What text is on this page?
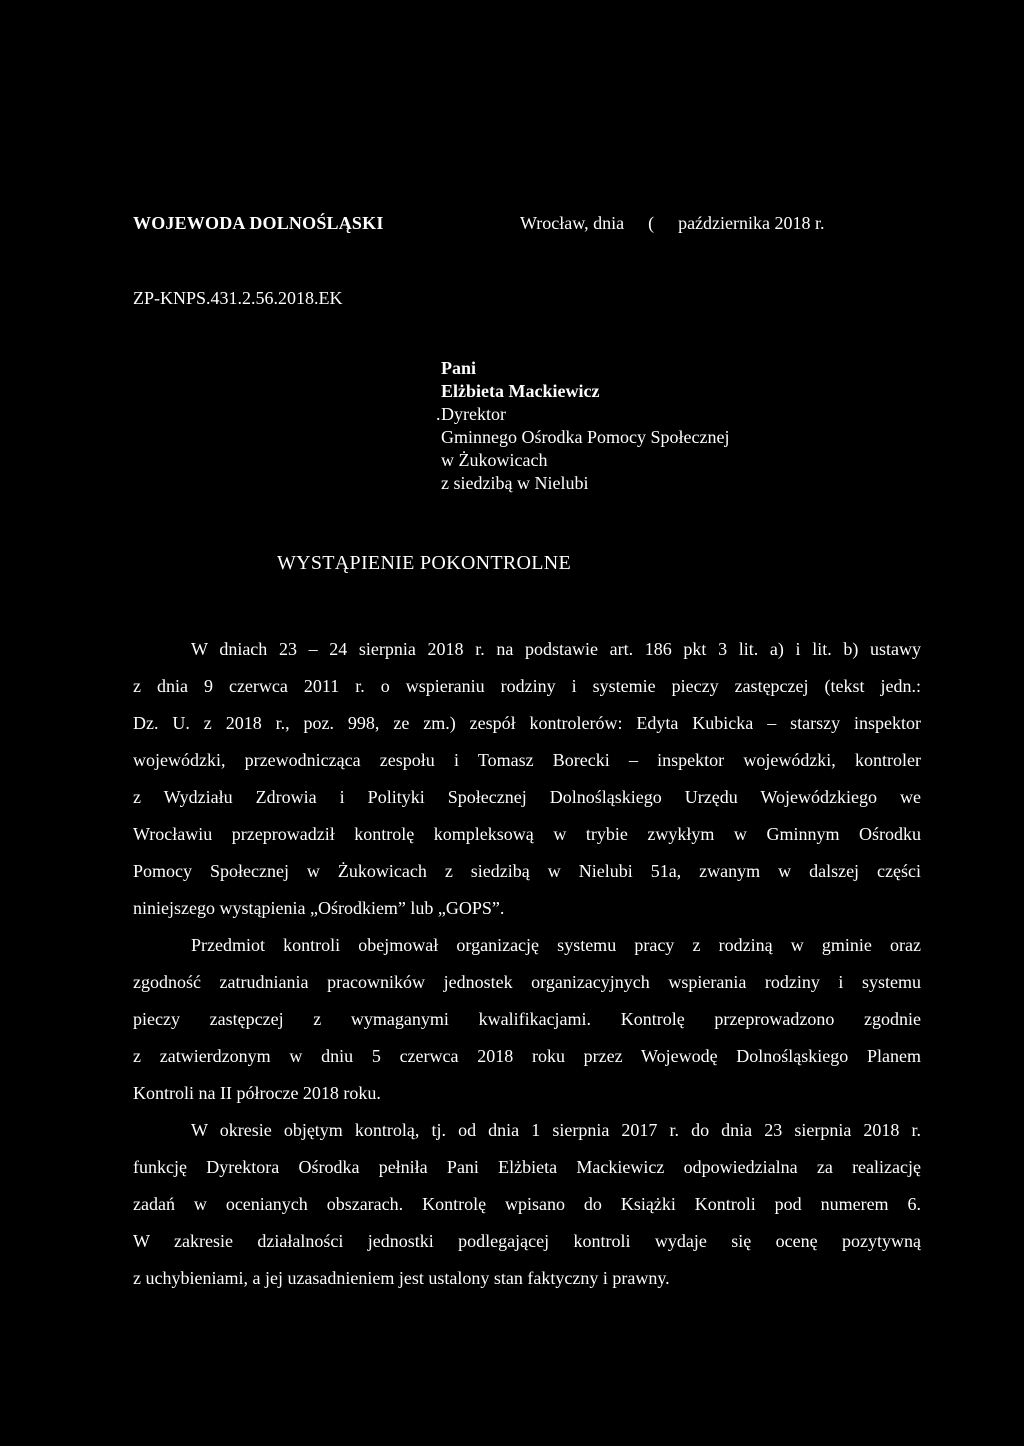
WOJEWODA DOLNOŚLĄSKI	Wrocław, dnia ( października 2018 r.
ZP-KNPS.431.2.56.2018.EK
Pani
Elżbieta Mackiewicz
. Dyrektor
Gminnego Ośrodka Pomocy Społecznej
w Żukowicach
z siedzibą w Nielubi
WYSTĄPIENIE POKONTROLNE
W dniach 23 – 24 sierpnia 2018 r. na podstawie art. 186 pkt 3 lit. a) i lit. b) ustawy
z dnia 9 czerwca 2011 r. o wspieraniu rodziny i systemie pieczy zastępczej (tekst jedn.:
Dz. U. z 2018 r., poz. 998, ze zm.) zespół kontrolerów: Edyta Kubicka – starszy inspektor
wojewódzki, przewodnicząca zespołu i Tomasz Borecki – inspektor wojewódzki, kontroler
z Wydziału Zdrowia i Polityki Społecznej Dolnośląskiego Urzędu Wojewódzkiego we
Wrocławiu przeprowadził kontrolę kompleksową w trybie zwykłym w Gminnym Ośrodku
Pomocy Społecznej w Żukowicach z siedzibą w Nielubi 51a, zwanym w dalszej części
niniejszego wystąpienia „Ośrodkiem” lub „GOPS”.
Przedmiot kontroli obejmował organizację systemu pracy z rodziną w gminie oraz
zgodność zatrudniania pracowników jednostek organizacyjnych wspierania rodziny i systemu
pieczy zastępczej z wymaganymi kwalifikacjami. Kontrolę przeprowadzono zgodnie
z zatwierdzonym w dniu 5 czerwca 2018 roku przez Wojewodę Dolnośląskiego Planem
Kontroli na II półrocze 2018 roku.
W okresie objętym kontrolą, tj. od dnia 1 sierpnia 2017 r. do dnia 23 sierpnia 2018 r.
funkcję Dyrektora Ośrodka pełniła Pani Elżbieta Mackiewicz odpowiedzialna za realizację
zadań w ocenianych obszarach. Kontrolę wpisano do Książki Kontroli pod numerem 6.
W zakresie działalności jednostki podlegającej kontroli wydaje się ocenę pozytywną
z uchybieniami, a jej uzasadnieniem jest ustalony stan faktyczny i prawny.
